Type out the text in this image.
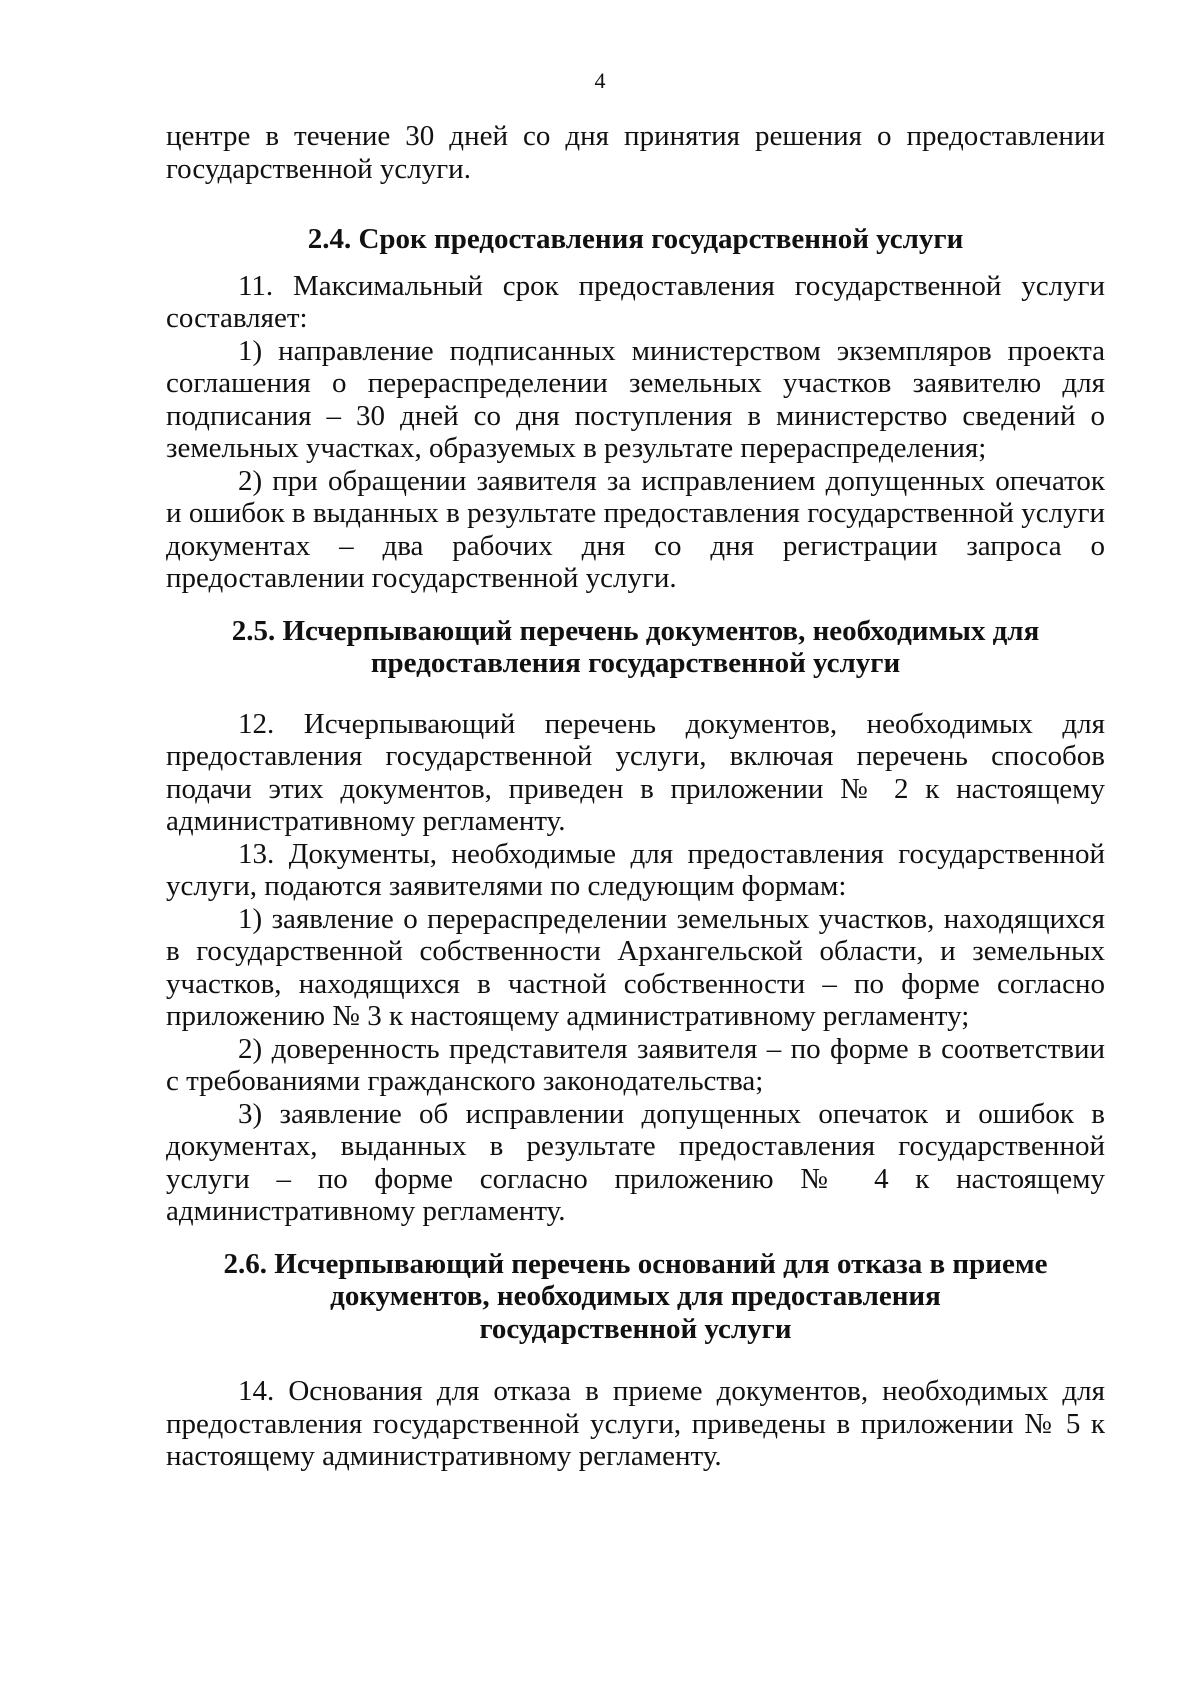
4

центре в течение 30 дней со дня принятия решения о предоставлении государственной услуги.

2.4. Срок предоставления государственной услуги

11. Максимальный срок предоставления государственной услуги составляет:

1) направление подписанных министерством экземпляров проекта соглашения о перераспределении земельных участков заявителю для подписания – 30 дней со дня поступления в министерство сведений о земельных участках, образуемых в результате перераспределения;

2) при обращении заявителя за исправлением допущенных опечаток и ошибок в выданных в результате предоставления государственной услуги документах – два рабочих дня со дня регистрации запроса о предоставлении государственной услуги.

2.5. Исчерпывающий перечень документов, необходимых для

предоставления государственной услуги

12. Исчерпывающий перечень документов, необходимых для предоставления государственной услуги, включая перечень способов подачи этих документов, приведен в приложении № 2 к настоящему административному регламенту.

13. Документы, необходимые для предоставления государственной услуги, подаются заявителями по следующим формам:

1) заявление о перераспределении земельных участков, находящихся в государственной собственности Архангельской области, и земельных участков, находящихся в частной собственности – по форме согласно приложению № 3 к настоящему административному регламенту;

2) доверенность представителя заявителя – по форме в соответствии с требованиями гражданского законодательства;

3) заявление об исправлении допущенных опечаток и ошибок в документах, выданных в результате предоставления государственной услуги – по форме согласно приложению № 4 к настоящему административному регламенту.

2.6. Исчерпывающий перечень оснований для отказа в приеме

документов, необходимых для предоставления

государственной услуги

14. Основания для отказа в приеме документов, необходимых для предоставления государственной услуги, приведены в приложении № 5 к настоящему административному регламенту.
